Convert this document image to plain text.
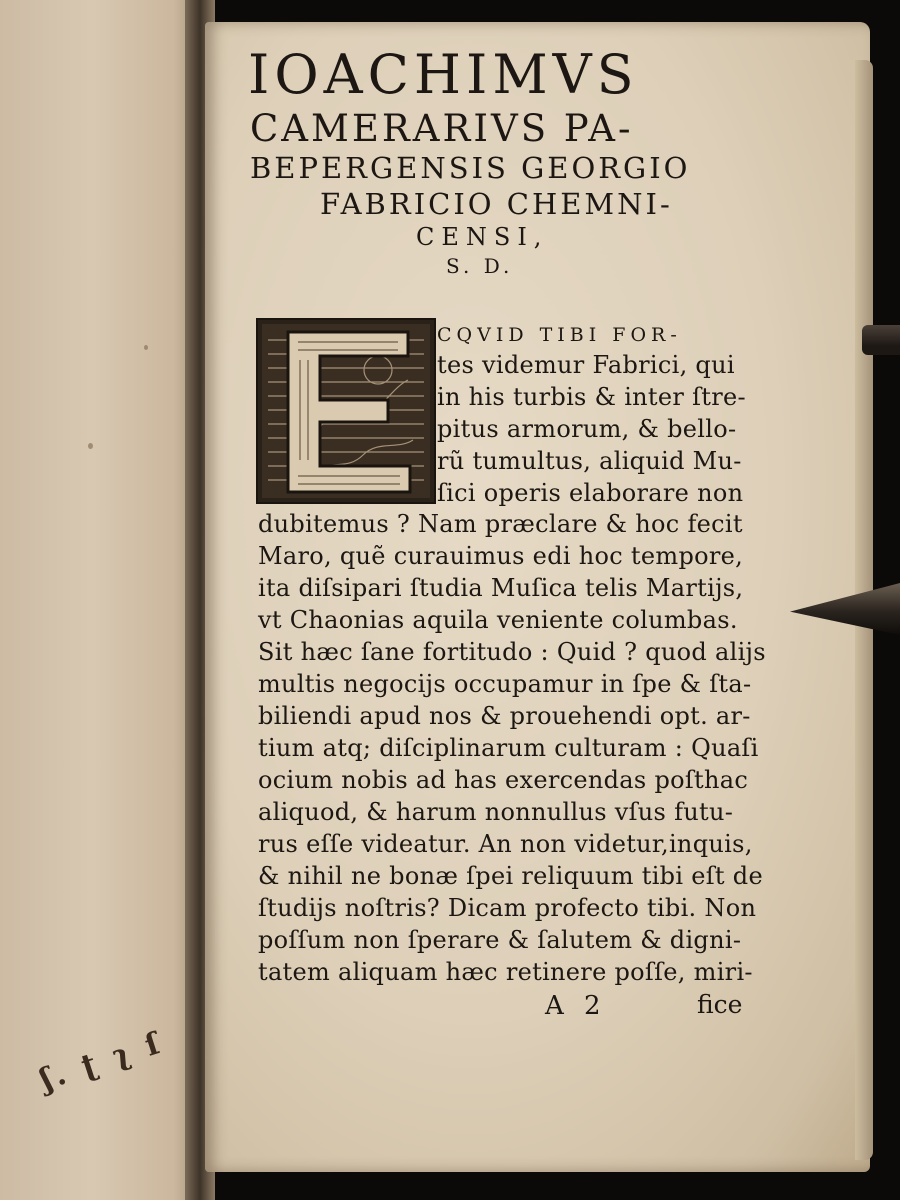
ʃ. ʈ ʅ ſ
IOACHIMVS
CAMERARIVS PA-
BEPERGENSIS GEORGIO
FABRICIO CHEMNI-
CENSI,
S. D.
CQVID TIBI FOR-
tes videmur Fabrici, qui
in his turbis & inter ſtre-
pitus armorum, & bello-
rũ tumultus, aliquid Mu-
ſici operis elaborare non
dubitemus ? Nam præclare & hoc fecit
Maro, quẽ curauimus edi hoc tempore,
ita diſsipari ſtudia Muſica telis Martijs,
vt Chaonias aquila veniente columbas.
Sit hæc ſane fortitudo : Quid ? quod alijs
multis negocijs occupamur in ſpe & ſta-
biliendi apud nos & prouehendi opt. ar-
tium atq; diſciplinarum culturam : Quaſi
ocium nobis ad has exercendas poſthac
aliquod, & harum nonnullus vſus futu-
rus eſſe videatur. An non videtur,inquis,
& nihil ne bonæ ſpei reliquum tibi eſt de
ſtudijs noſtris? Dicam profecto tibi. Non
poſſum non ſperare & ſalutem & digni-
tatem aliquam hæc retinere poſſe, miri-
A 2	fice
